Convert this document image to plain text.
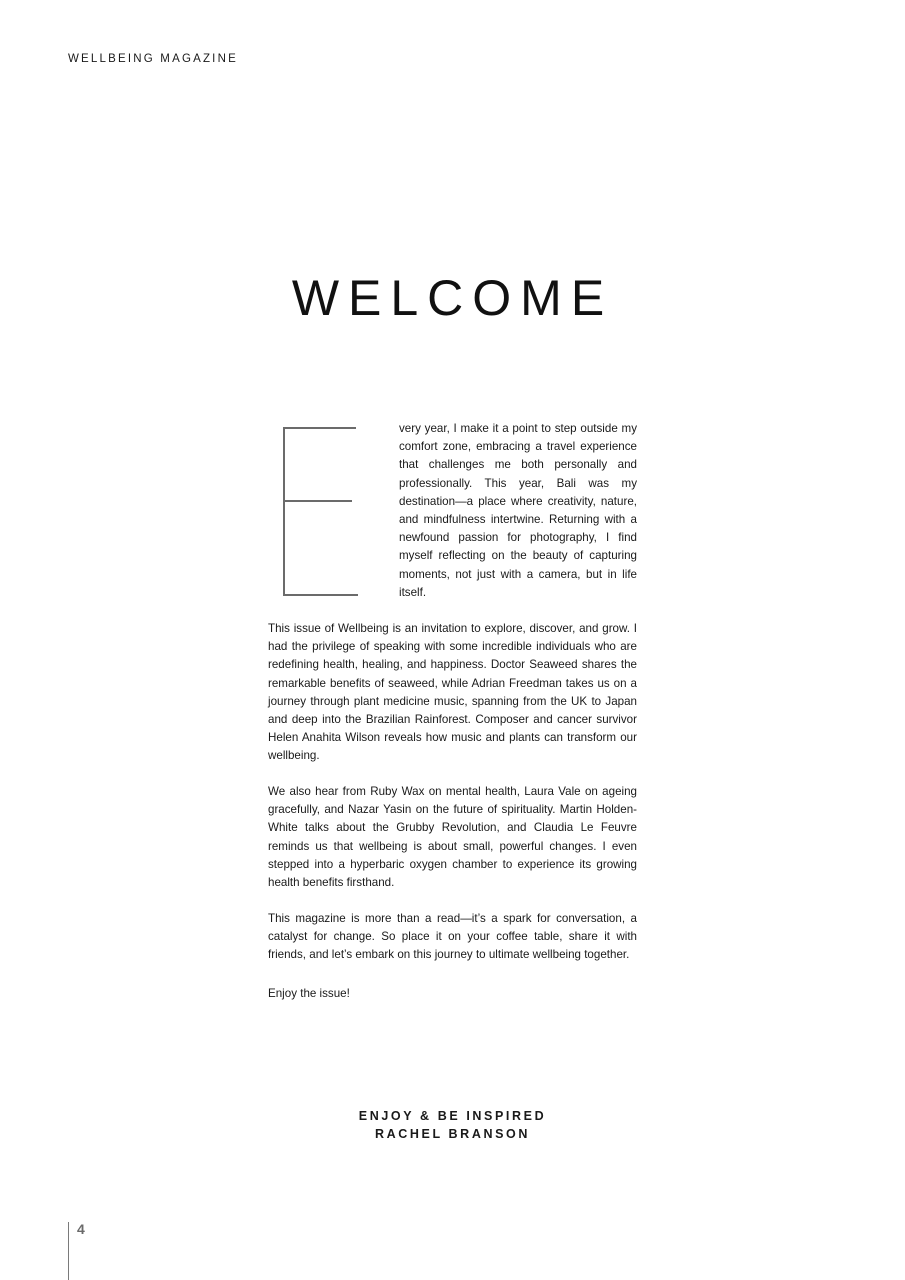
WELLBEING MAGAZINE
WELCOME

very year, I make it a point to step outside my comfort zone, embracing a travel experience that challenges me both personally and professionally. This year, Bali was my destination—a place where creativity, nature, and mindfulness intertwine. Returning with a newfound passion for photography, I find myself reflecting on the beauty of capturing moments, not just with a camera, but in life itself.

This issue of Wellbeing is an invitation to explore, discover, and grow. I had the privilege of speaking with some incredible individuals who are redefining health, healing, and happiness. Doctor Seaweed shares the remarkable benefits of seaweed, while Adrian Freedman takes us on a journey through plant medicine music, spanning from the UK to Japan and deep into the Brazilian Rainforest. Composer and cancer survivor Helen Anahita Wilson reveals how music and plants can transform our wellbeing.

We also hear from Ruby Wax on mental health, Laura Vale on ageing gracefully, and Nazar Yasin on the future of spirituality. Martin Holden-White talks about the Grubby Revolution, and Claudia Le Feuvre reminds us that wellbeing is about small, powerful changes. I even stepped into a hyperbaric oxygen chamber to experience its growing health benefits firsthand.

This magazine is more than a read—it’s a spark for conversation, a catalyst for change. So place it on your coffee table, share it with friends, and let’s embark on this journey to ultimate wellbeing together.

Enjoy the issue!

ENJOY & BE INSPIRED
RACHEL BRANSON
4
